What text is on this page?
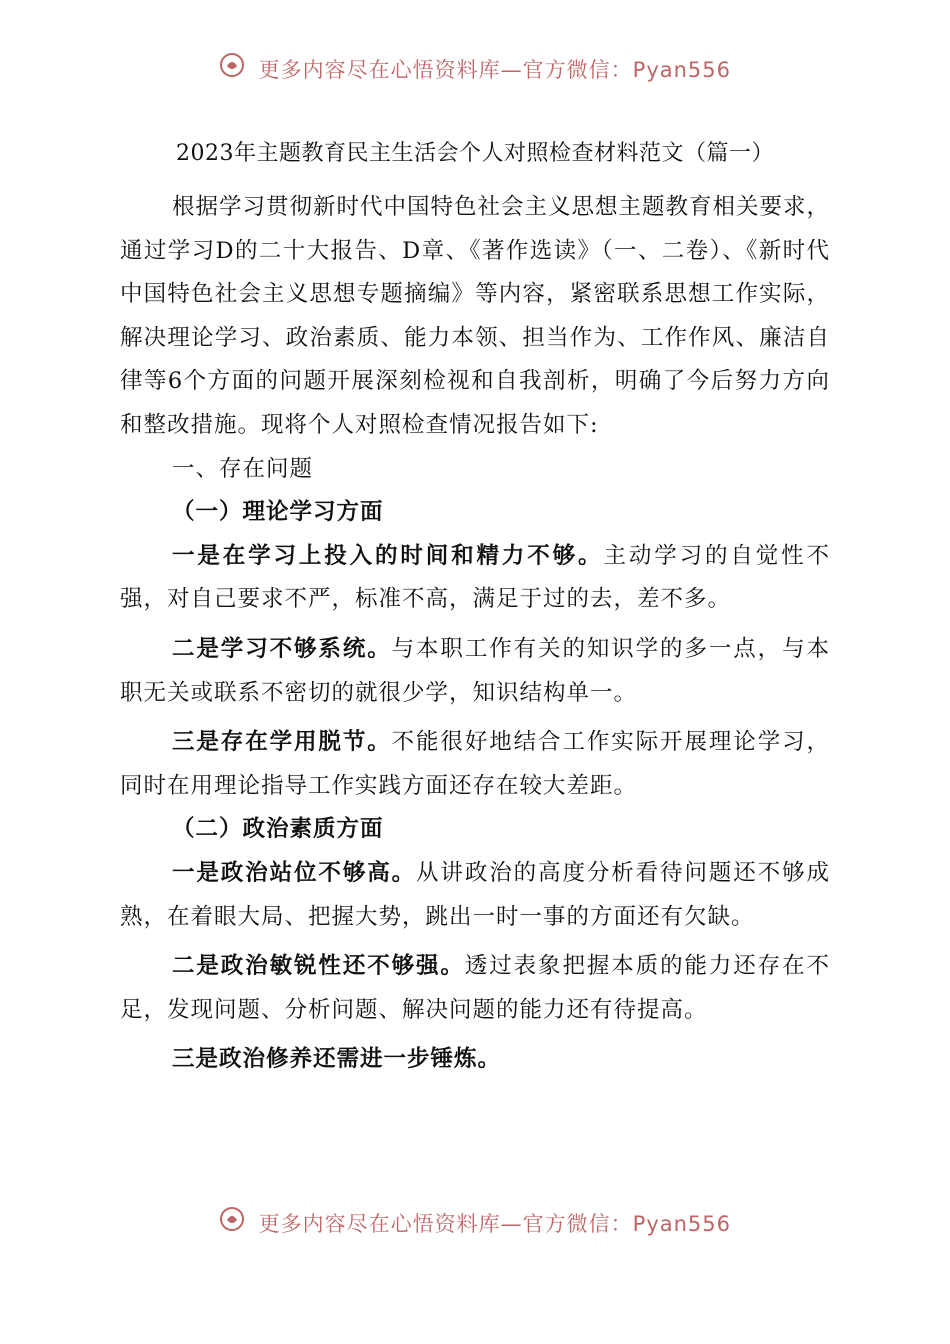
更多内容尽在心悟资料库—官方微信：Pyan556
2023年主题教育民主生活会个人对照检查材料范文（篇一）

根据学习贯彻新时代中国特色社会主义思想主题教育相关要求，通过学习D的二十大报告、D章、《著作选读》（一、二卷）、《新时代中国特色社会主义思想专题摘编》等内容，紧密联系思想工作实际，解决理论学习、政治素质、能力本领、担当作为、工作作风、廉洁自律等6个方面的问题开展深刻检视和自我剖析，明确了今后努力方向和整改措施。现将个人对照检查情况报告如下:

一、存在问题
（一）理论学习方面

一是在学习上投入的时间和精力不够。主动学习的自觉性不强，对自己要求不严，标准不高，满足于过的去，差不多。

二是学习不够系统。与本职工作有关的知识学的多一点，与本职无关或联系不密切的就很少学，知识结构单一。

三是存在学用脱节。不能很好地结合工作实际开展理论学习，同时在用理论指导工作实践方面还存在较大差距。

（二）政治素质方面

一是政治站位不够高。从讲政治的高度分析看待问题还不够成熟，在着眼大局、把握大势，跳出一时一事的方面还有欠缺。

二是政治敏锐性还不够强。透过表象把握本质的能力还存在不足，发现问题、分析问题、解决问题的能力还有待提高。

三是政治修养还需进一步锤炼。

更多内容尽在心悟资料库—官方微信：Pyan556
